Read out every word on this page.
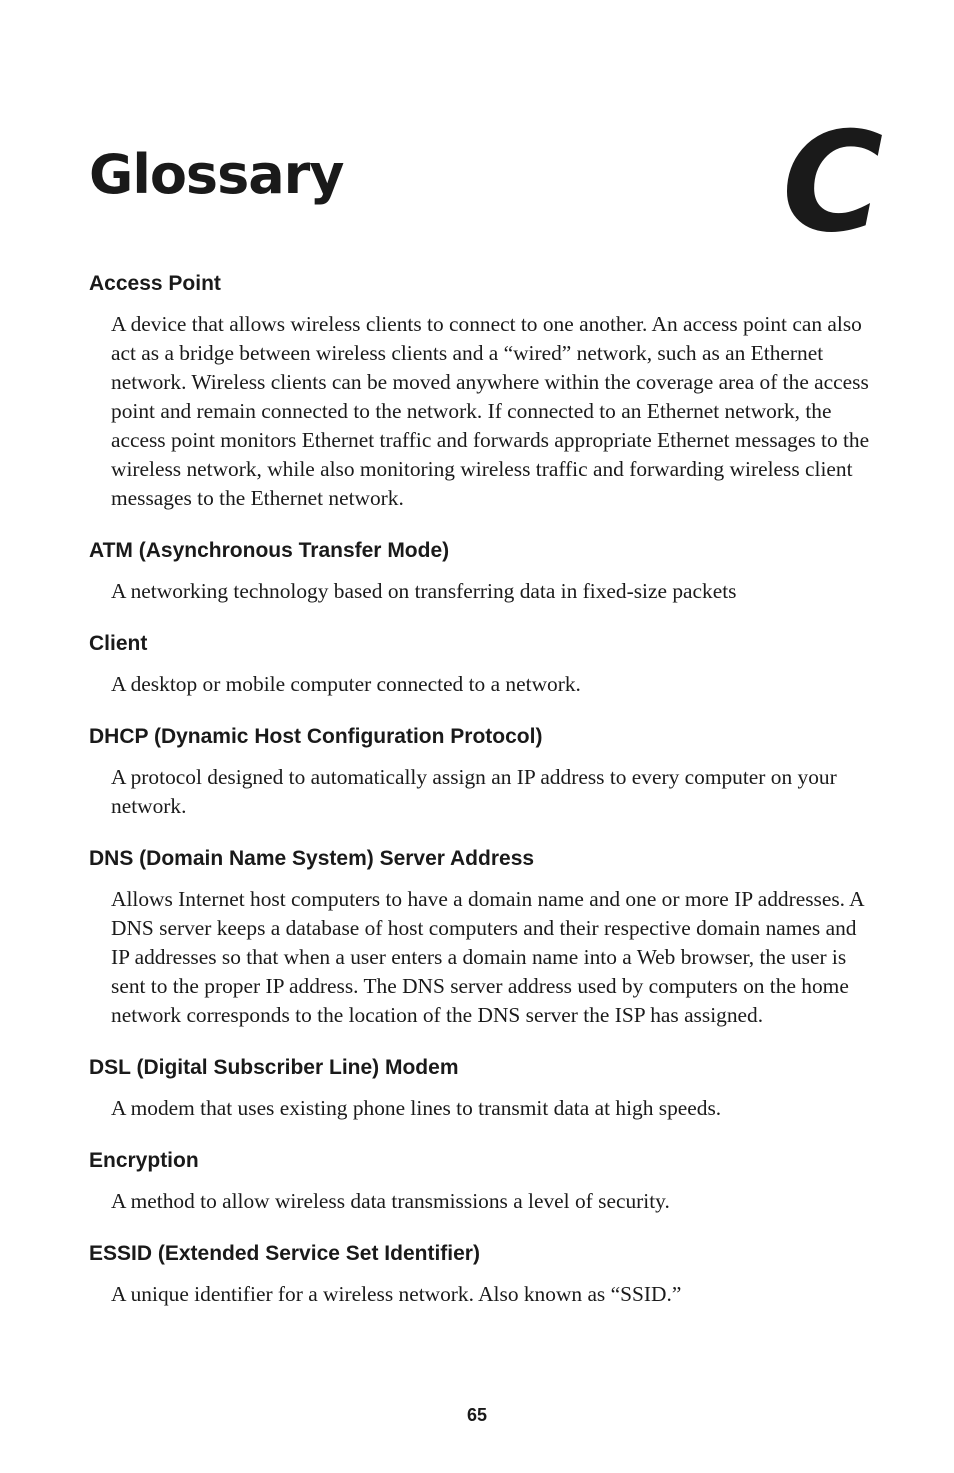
Glossary	C
Access Point

A device that allows wireless clients to connect to one another. An access point can also act as a bridge between wireless clients and a “wired” network, such as an Ethernet network. Wireless clients can be moved anywhere within the coverage area of the access point and remain connected to the network. If connected to an Ethernet network, the access point monitors Ethernet traffic and forwards appropriate Ethernet messages to the wireless network, while also monitoring wireless traffic and forwarding wireless client messages to the Ethernet network.

ATM (Asynchronous Transfer Mode)

A networking technology based on transferring data in fixed-size packets

Client

A desktop or mobile computer connected to a network.

DHCP (Dynamic Host Configuration Protocol)

A protocol designed to automatically assign an IP address to every computer on your network.

DNS (Domain Name System) Server Address

Allows Internet host computers to have a domain name and one or more IP addresses. A DNS server keeps a database of host computers and their respective domain names and IP addresses so that when a user enters a domain name into a Web browser, the user is sent to the proper IP address. The DNS server address used by computers on the home network corresponds to the location of the DNS server the ISP has assigned.

DSL (Digital Subscriber Line) Modem

A modem that uses existing phone lines to transmit data at high speeds.

Encryption

A method to allow wireless data transmissions a level of security.

ESSID (Extended Service Set Identifier)

A unique identifier for a wireless network. Also known as “SSID.”

65
